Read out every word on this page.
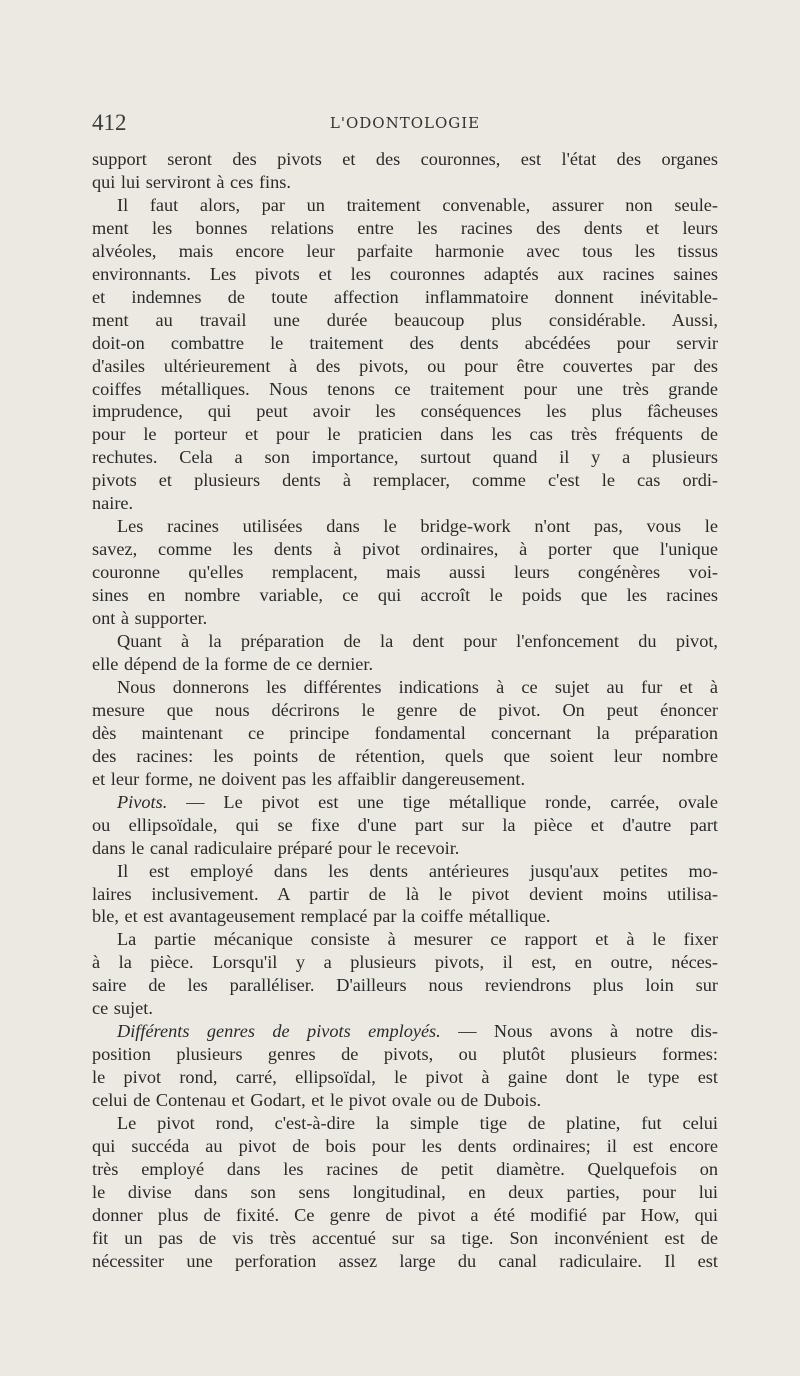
412	L'ODONTOLOGIE
support seront des pivots et des couronnes, est l'état des organes
qui lui serviront à ces fins.
Il faut alors, par un traitement convenable, assurer non seule-
ment les bonnes relations entre les racines des dents et leurs
alvéoles, mais encore leur parfaite harmonie avec tous les tissus
environnants. Les pivots et les couronnes adaptés aux racines saines
et indemnes de toute affection inflammatoire donnent inévitable-
ment au travail une durée beaucoup plus considérable. Aussi,
doit-on combattre le traitement des dents abcédées pour servir
d'asiles ultérieurement à des pivots, ou pour être couvertes par des
coiffes métalliques. Nous tenons ce traitement pour une très grande
imprudence, qui peut avoir les conséquences les plus fâcheuses
pour le porteur et pour le praticien dans les cas très fréquents de
rechutes. Cela a son importance, surtout quand il y a plusieurs
pivots et plusieurs dents à remplacer, comme c'est le cas ordi-
naire.
Les racines utilisées dans le bridge-work n'ont pas, vous le
savez, comme les dents à pivot ordinaires, à porter que l'unique
couronne qu'elles remplacent, mais aussi leurs congénères voi-
sines en nombre variable, ce qui accroît le poids que les racines
ont à supporter.
Quant à la préparation de la dent pour l'enfoncement du pivot,
elle dépend de la forme de ce dernier.
Nous donnerons les différentes indications à ce sujet au fur et à
mesure que nous décrirons le genre de pivot. On peut énoncer
dès maintenant ce principe fondamental concernant la préparation
des racines: les points de rétention, quels que soient leur nombre
et leur forme, ne doivent pas les affaiblir dangereusement.
Pivots. — Le pivot est une tige métallique ronde, carrée, ovale
ou ellipsoïdale, qui se fixe d'une part sur la pièce et d'autre part
dans le canal radiculaire préparé pour le recevoir.
Il est employé dans les dents antérieures jusqu'aux petites mo-
laires inclusivement. A partir de là le pivot devient moins utilisa-
ble, et est avantageusement remplacé par la coiffe métallique.
La partie mécanique consiste à mesurer ce rapport et à le fixer
à la pièce. Lorsqu'il y a plusieurs pivots, il est, en outre, néces-
saire de les paralléliser. D'ailleurs nous reviendrons plus loin sur
ce sujet.
Différents genres de pivots employés. — Nous avons à notre dis-
position plusieurs genres de pivots, ou plutôt plusieurs formes:
le pivot rond, carré, ellipsoïdal, le pivot à gaine dont le type est
celui de Contenau et Godart, et le pivot ovale ou de Dubois.
Le pivot rond, c'est-à-dire la simple tige de platine, fut celui
qui succéda au pivot de bois pour les dents ordinaires; il est encore
très employé dans les racines de petit diamètre. Quelquefois on
le divise dans son sens longitudinal, en deux parties, pour lui
donner plus de fixité. Ce genre de pivot a été modifié par How, qui
fit un pas de vis très accentué sur sa tige. Son inconvénient est de
nécessiter une perforation assez large du canal radiculaire. Il est
